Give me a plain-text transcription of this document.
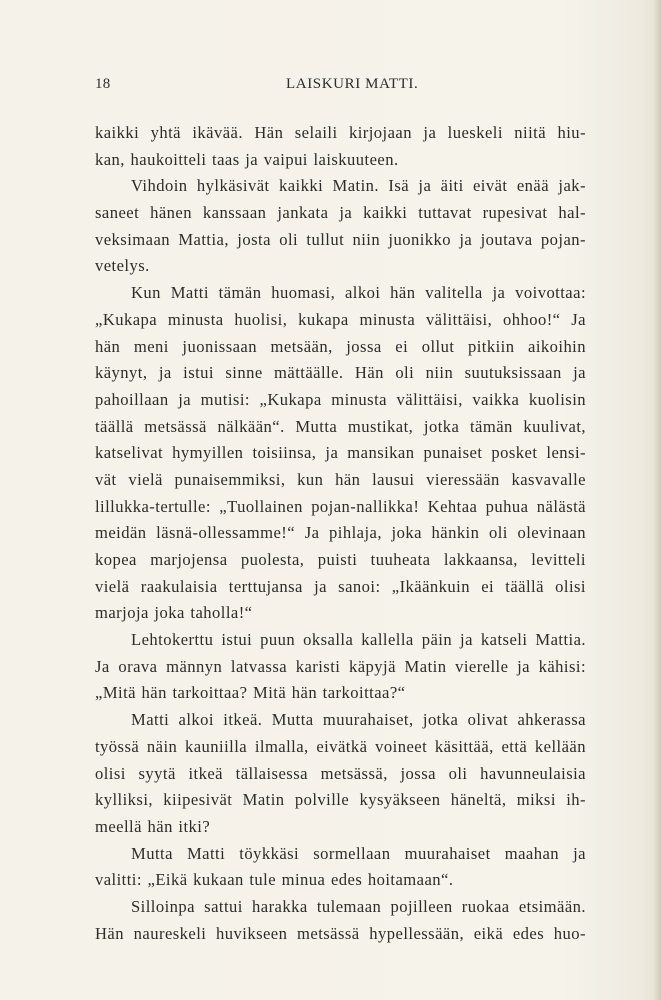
18	LAISKURI MATTI.
kaikki yhtä ikävää. Hän selaili kirjojaan ja lueskeli niitä hiu-
kan, haukoitteli taas ja vaipui laiskuuteen.
Vihdoin hylkäsivät kaikki Matin. Isä ja äiti eivät enää jak-
saneet hänen kanssaan jankata ja kaikki tuttavat rupesivat hal-
veksimaan Mattia, josta oli tullut niin juonikko ja joutava pojan-
vetelys.
Kun Matti tämän huomasi, alkoi hän valitella ja voivottaa:
„Kukapa minusta huolisi, kukapa minusta välittäisi, ohhoo!“ Ja
hän meni juonissaan metsään, jossa ei ollut pitkiin aikoihin
käynyt, ja istui sinne mättäälle. Hän oli niin suutuksissaan ja
pahoillaan ja mutisi: „Kukapa minusta välittäisi, vaikka kuolisin
täällä metsässä nälkään“. Mutta mustikat, jotka tämän kuulivat,
katselivat hymyillen toisiinsa, ja mansikan punaiset posket lensi-
vät vielä punaisemmiksi, kun hän lausui vieressään kasvavalle
lillukka-tertulle: „Tuollainen pojan-nallikka! Kehtaa puhua nälästä
meidän läsnä-ollessamme!“ Ja pihlaja, joka hänkin oli olevinaan
kopea marjojensa puolesta, puisti tuuheata lakkaansa, levitteli
vielä raakulaisia terttujansa ja sanoi: „Ikäänkuin ei täällä olisi
marjoja joka taholla!“
Lehtokerttu istui puun oksalla kallella päin ja katseli Mattia.
Ja orava männyn latvassa karisti käpyjä Matin vierelle ja kähisi:
„Mitä hän tarkoittaa? Mitä hän tarkoittaa?“
Matti alkoi itkeä. Mutta muurahaiset, jotka olivat ahkerassa
työssä näin kauniilla ilmalla, eivätkä voineet käsittää, että kellään
olisi syytä itkeä tällaisessa metsässä, jossa oli havunneulaisia
kylliksi, kiipesivät Matin polville kysyäkseen häneltä, miksi ih-
meellä hän itki?
Mutta Matti töykkäsi sormellaan muurahaiset maahan ja
valitti: „Eikä kukaan tule minua edes hoitamaan“.
Silloinpa sattui harakka tulemaan pojilleen ruokaa etsimään.
Hän naureskeli huvikseen metsässä hypellessään, eikä edes huo-
